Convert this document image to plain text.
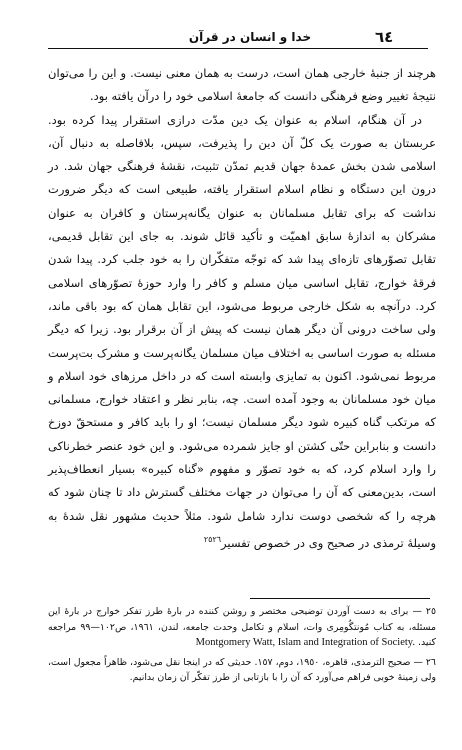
خدا و انسان در قرآن	٦٤

هرچند از جنبهٔ خارجی همان است، درست به همان معنی نیست. و این را می‌توان نتیجهٔ تغییر وضع فرهنگی دانست که جامعهٔ اسلامی خود را درآن یافته بود.

در آن هنگام، اسلام به عنوان یک دین مدّت درازی استقرار پیدا کرده بود. عربستان به صورت یک کلّ آن دین را پذیرفت، سپس، بلافاصله به دنبال آن، اسلامی شدن بخش عمدهٔ جهان قدیم تمدّن تثبیت، نقشهٔ فرهنگی جهان شد. در درون این دستگاه و نظام اسلام استقرار یافته، طبیعی است که دیگر ضرورت نداشت که برای تقابل مسلمانان به عنوان یگانه‌پرستان و کافران به عنوان مشرکان به اندازهٔ سابق اهمیّت و تأکید قائل شوند. به جای این تقابل قدیمی، تقابل تصوّرهای تازه‌ای پیدا شد که توجّه متفکّران را به خود جلب کرد. پیدا شدن فرقهٔ خوارج، تقابل اساسی میان مسلم و کافر را وارد حوزهٔ تصوّرهای اسلامی کرد. درآنچه به شکل خارجی مربوط می‌شود، این تقابل همان که بود باقی ماند، ولی ساخت درونی آن دیگر همان نیست که پیش از آن برقرار بود. زیرا که دیگر مسئله به صورت اساسی به اختلاف میان مسلمان یگانه‌پرست و مشرک بت‌پرست مربوط نمی‌شود. اکنون به تمایزی وابسته است که در داخل مرزهای خود اسلام و میان خود مسلمانان به وجود آمده است. چه، بنابر نظر و اعتقاد خوارج، مسلمانی که مرتکب گناه کبیره شود دیگر مسلمان نیست؛ او را باید کافر و مستحقّ دوزخ دانست و بنابراین حتّی کشتن او جایز شمرده می‌شود. و این خود عنصر خطرناکی را وارد اسلام کرد، که به خود تصوّر و مفهوم «گناه کبیره» بسیار انعطاف‌پذیر است، بدین‌معنی که آن را می‌توان در جهات مختلف گسترش داد تا چنان شود که هرچه را که شخصی دوست ندارد شامل شود. مثلاً حدیث مشهور نقل شدهٔ به وسیلهٔ ترمذی در صحیح وی در خصوص تفسیر$^{٢٥٢٦}$

٢٥ — برای به دست آوردن توضیحی مختصر و روشن کننده در بارهٔ طرز تفکر خوارج در بارهٔ این مسئله، به کتاب مُونتگُومِری وات، اسلام و تکامل وحدت جامعه، لندن، ١٩٦١، ص١٠٢—٩٩ مراجعه کنید. Montgomery Watt, Islam and Integration of Society.

٢٦ — صحیح الترمذی، قاهره، ١٩٥٠، دوم، ١٥٧. حدیثی که در اینجا نقل می‌شود، ظاهراً مجعول است، ولی زمینهٔ خوبی فراهم می‌آورد که آن را با بازتابی از طرز تفکّر آن زمان بدانیم.
